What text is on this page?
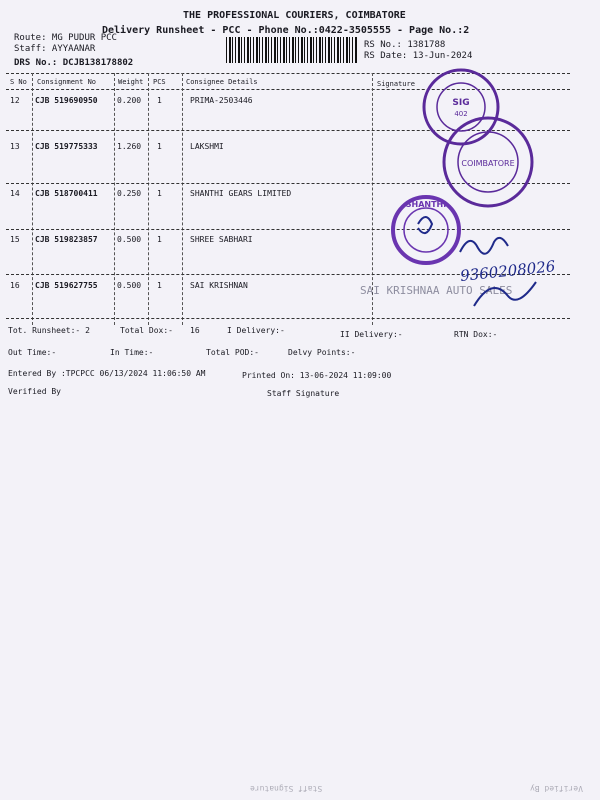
THE PROFESSIONAL COURIERS, COIMBATORE
Delivery Runsheet - PCC - Phone No.:0422-3505555 - Page No.:2
Route: MG PUDUR PCC
Staff: AYYAANAR
DRS No.: DCJB138178802
RS No.: 1381788
RS Date: 13-Jun-2024
S No Consignment No	Weight PCS	Consignee Details	Signature
12 CJB 519690950 0.200 1	PRIMA-2503446
13 CJB 519775333 1.260 1	LAKSHMI
14 CJB 518700411 0.250 1	SHANTHI GEARS LIMITED
15 CJB 519823857 0.500 1	SHREE SABHARI
16 CJB 519627755 0.500 1	SAI KRISHNAN
Tot. Runsheet:- 2	Total Dox:- 16	I Delivery:-	II Delivery:-	RTN Dox:-
Out Time:-	In Time:-	Total POD:-	Delvy Points:-
Entered By :TPCPCC 06/13/2024 11:06:50 AM	Printed On: 13-06-2024 11:09:00
Verified By	Staff Signature
SIG
402
COIMBATORE
SHANTHI
SAI KRISHNAA AUTO SALES
9360208026
Staff Signature	Verified By
